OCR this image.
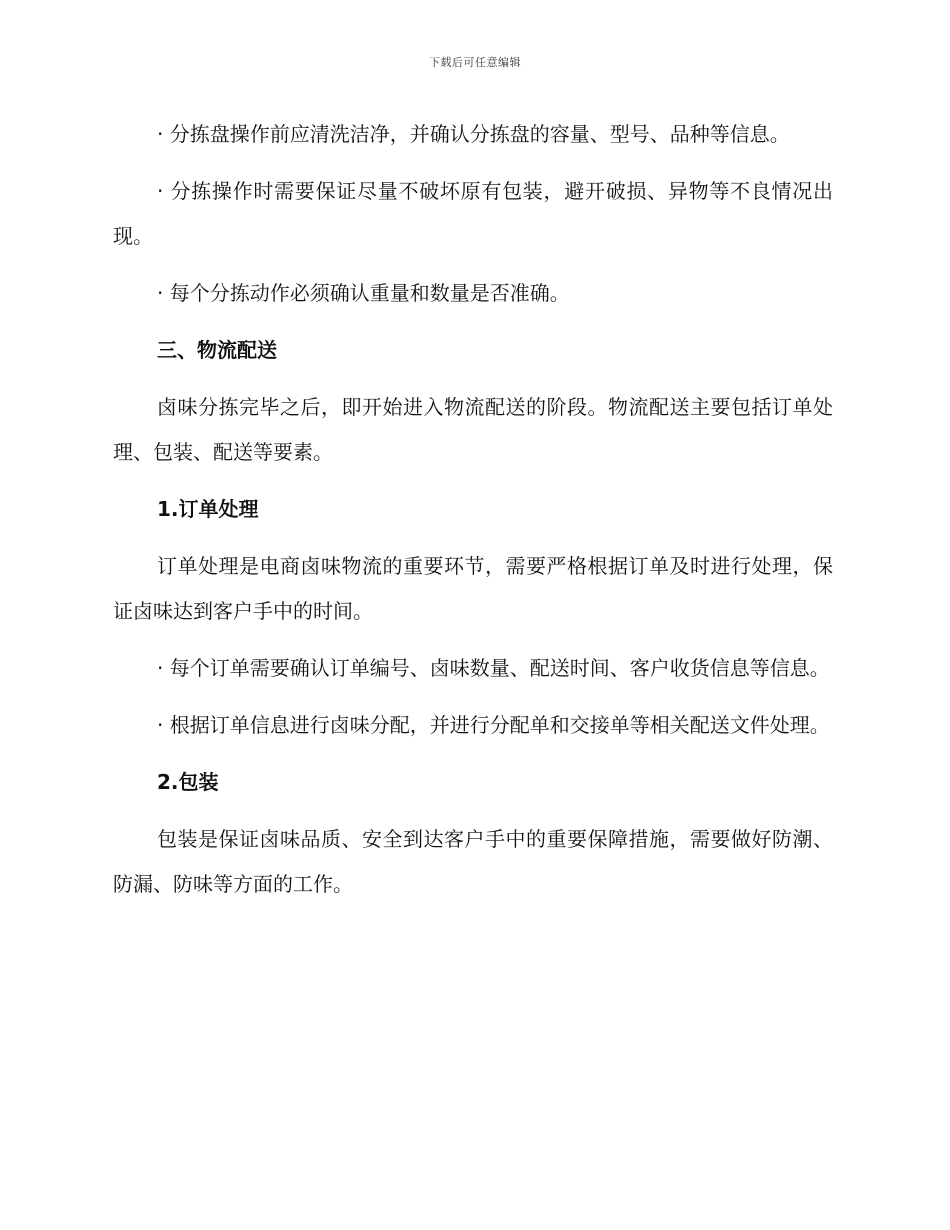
下载后可任意编辑

· 分拣盘操作前应清洗洁净，并确认分拣盘的容量、型号、品种等信息。

· 分拣操作时需要保证尽量不破坏原有包装，避开破损、异物等不良情况出现。

· 每个分拣动作必须确认重量和数量是否准确。

三、物流配送

卤味分拣完毕之后，即开始进入物流配送的阶段。物流配送主要包括订单处理、包装、配送等要素。

1.订单处理

订单处理是电商卤味物流的重要环节，需要严格根据订单及时进行处理，保证卤味达到客户手中的时间。

· 每个订单需要确认订单编号、卤味数量、配送时间、客户收货信息等信息。

· 根据订单信息进行卤味分配，并进行分配单和交接单等相关配送文件处理。

2.包装

包装是保证卤味品质、安全到达客户手中的重要保障措施，需要做好防潮、防漏、防味等方面的工作。
